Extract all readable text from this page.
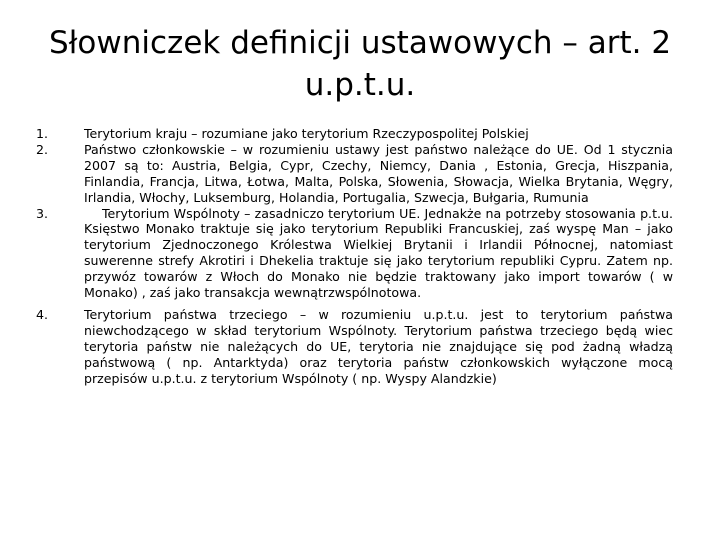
Słowniczek definicji ustawowych – art. 2 u.p.t.u.
1.	Terytorium kraju – rozumiane jako terytorium Rzeczypospolitej Polskiej
2.	Państwo członkowskie – w rozumieniu ustawy jest państwo należące do UE. Od 1 stycznia 2007 są to: Austria, Belgia, Cypr, Czechy, Niemcy, Dania , Estonia, Grecja, Hiszpania, Finlandia, Francja, Litwa, Łotwa, Malta, Polska, Słowenia, Słowacja, Wielka Brytania, Węgry, Irlandia, Włochy, Luksemburg, Holandia, Portugalia, Szwecja, Bułgaria, Rumunia
3.	Terytorium Wspólnoty – zasadniczo terytorium UE. Jednakże na potrzeby stosowania p.t.u. Księstwo Monako traktuje się jako terytorium Republiki Francuskiej, zaś wyspę Man – jako terytorium Zjednoczonego Królestwa Wielkiej Brytanii i Irlandii Północnej, natomiast suwerenne strefy Akrotiri i Dhekelia traktuje się jako terytorium republiki Cypru. Zatem np. przywóz towarów z Włoch do Monako nie będzie traktowany jako import towarów ( w Monako) , zaś jako transakcja wewnątrzwspólnotowa.
4.	Terytorium państwa trzeciego – w rozumieniu u.p.t.u. jest to terytorium państwa niewchodzącego w skład terytorium Wspólnoty. Terytorium państwa trzeciego będą wiec terytoria państw nie należących do UE, terytoria nie znajdujące się pod żadną władzą państwową ( np. Antarktyda) oraz terytoria państw członkowskich wyłączone mocą przepisów u.p.t.u. z terytorium Wspólnoty ( np. Wyspy Alandzkie)
